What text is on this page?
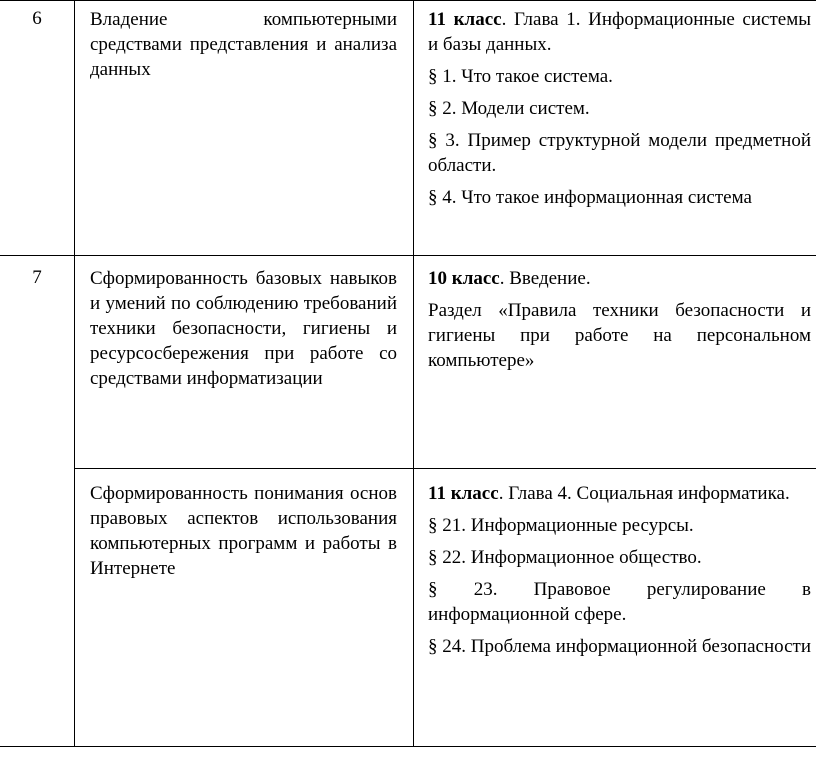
6	Владение компьютерными средствами представления и анализа данных

11 класс. Глава 1. Информационные системы и базы данных.

§ 1. Что такое система.

§ 2. Модели систем.

§ 3. Пример структурной модели предметной области.

§ 4. Что такое информационная система

7	Сформированность базовых навыков и умений по соблюдению требований техники безопасности, гигиены и ресурсосбережения при работе со средствами информатизации

10 класс. Введение.

Раздел «Правила техники безопасности и гигиены при работе на персональном компьютере»

Сформированность понимания основ правовых аспектов использования компьютерных программ и работы в Интернете

11 класс. Глава 4. Социальная информатика.

§ 21. Информационные ресурсы.

§ 22. Информационное общество.

§ 23. Правовое регулирование в информационной сфере.

§ 24. Проблема информационной безопасности
